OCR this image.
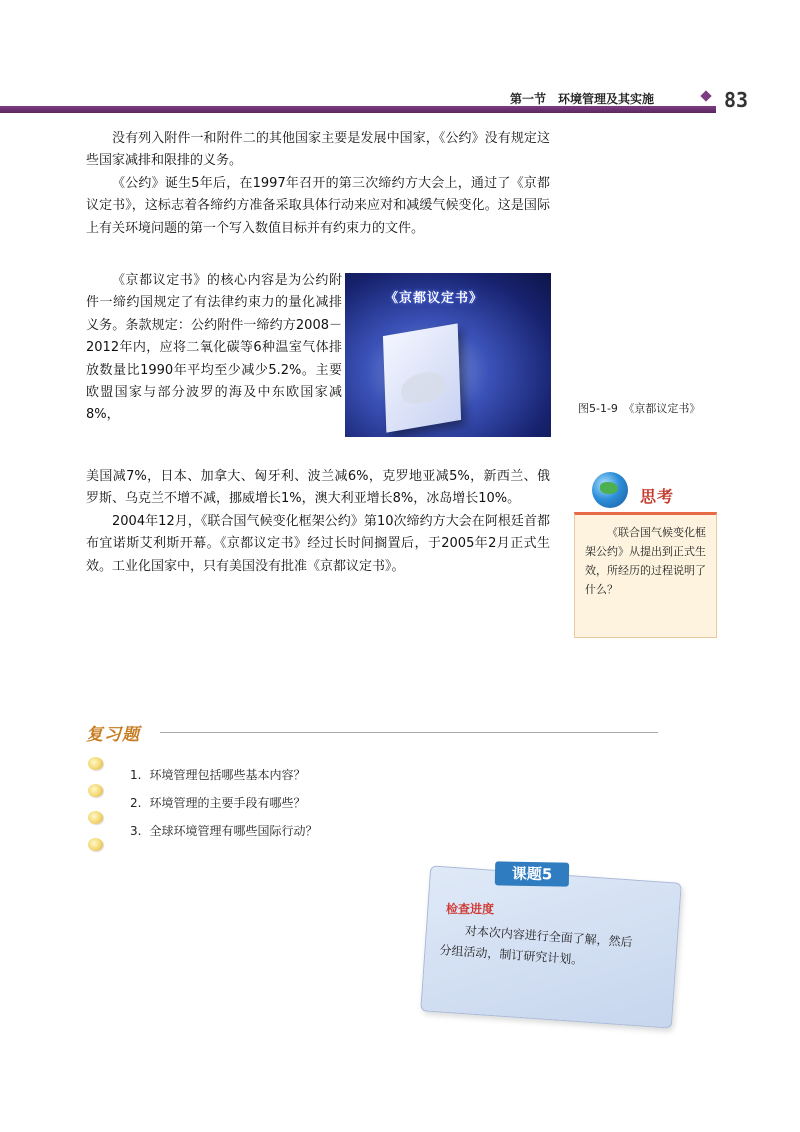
第一节　环境管理及其实施	83

没有列入附件一和附件二的其他国家主要是发展中国家，《公约》没有规定这些国家减排和限排的义务。

《公约》诞生5年后，在1997年召开的第三次缔约方大会上，通过了《京都议定书》，这标志着各缔约方准备采取具体行动来应对和减缓气候变化。这是国际上有关环境问题的第一个写入数值目标并有约束力的文件。

《京都议定书》的核心内容是为公约附件一缔约国规定了有法律约束力的量化减排义务。条款规定：公约附件一缔约方2008－2012年内，应将二氧化碳等6种温室气体排放数量比1990年平均至少减少5.2%。主要欧盟国家与部分波罗的海及中东欧国家减8%，

《京都议定书》
图5-1-9　《京都议定书》

美国减7%，日本、加拿大、匈牙利、波兰减6%，克罗地亚减5%，新西兰、俄罗斯、乌克兰不增不减，挪威增长1%，澳大利亚增长8%，冰岛增长10%。

2004年12月，《联合国气候变化框架公约》第10次缔约方大会在阿根廷首都布宜诺斯艾利斯开幕。《京都议定书》经过长时间搁置后，于2005年2月正式生效。工业化国家中，只有美国没有批准《京都议定书》。

思考

《联合国气候变化框架公约》从提出到正式生效，所经历的过程说明了什么？

复习题
1. 环境管理包括哪些基本内容？
2. 环境管理的主要手段有哪些？
3. 全球环境管理有哪些国际行动？
课题5
检查进度

对本次内容进行全面了解，然后分组活动，制订研究计划。
